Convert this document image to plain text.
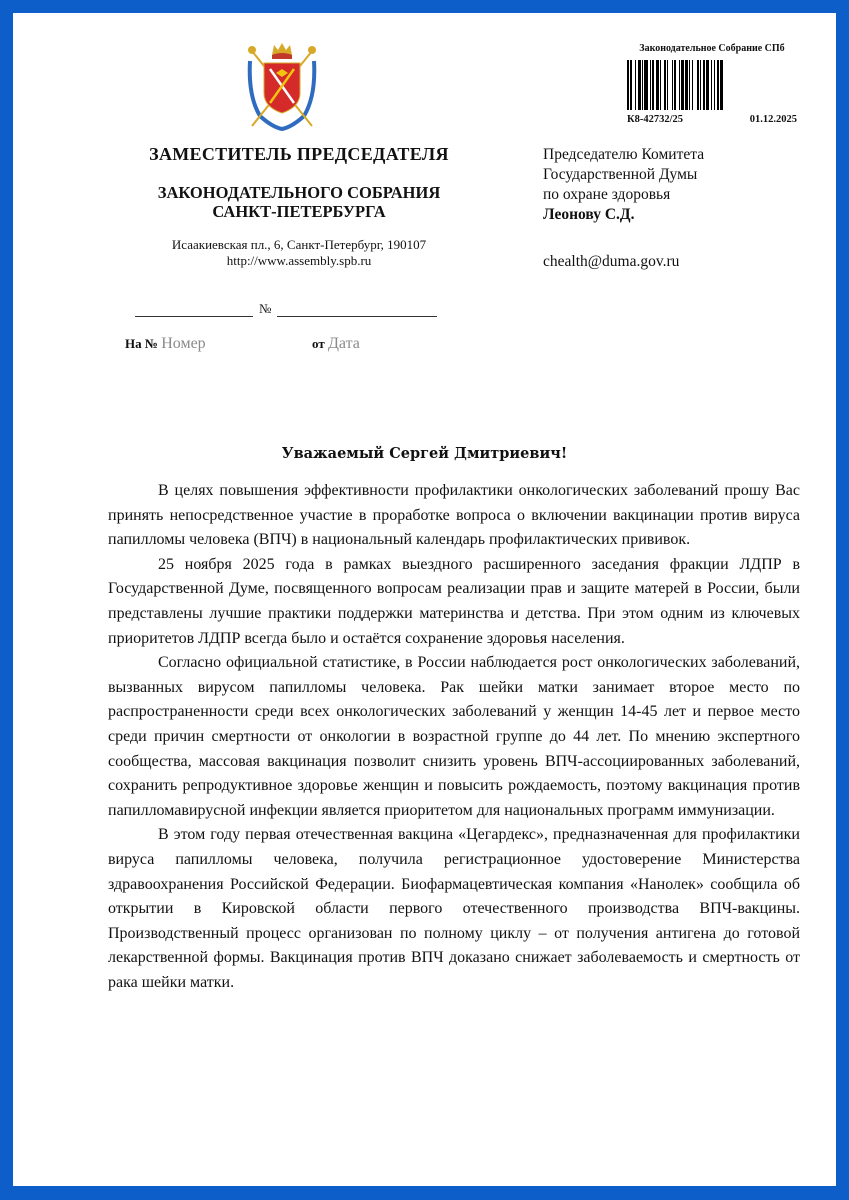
ЗАМЕСТИТЕЛЬ ПРЕДСЕДАТЕЛЯ
ЗАКОНОДАТЕЛЬНОГО СОБРАНИЯ
САНКТ-ПЕТЕРБУРГА
Исаакиевская пл., 6, Санкт-Петербург, 190107
http://www.assembly.spb.ru
№
На № Номер	от Дата
Законодательное Собрание СПб
К8-42732/25	01.12.2025
Председателю Комитета
Государственной Думы
по охране здоровья
Леонову С.Д.
chealth@duma.gov.ru
Уважаемый Сергей Дмитриевич!

В целях повышения эффективности профилактики онкологических заболеваний прошу Вас принять непосредственное участие в проработке вопроса о включении вакцинации против вируса папилломы человека (ВПЧ) в национальный календарь профилактических прививок.

25 ноября 2025 года в рамках выездного расширенного заседания фракции ЛДПР в Государственной Думе, посвященного вопросам реализации прав и защите матерей в России, были представлены лучшие практики поддержки материнства и детства. При этом одним из ключевых приоритетов ЛДПР всегда было и остаётся сохранение здоровья населения.

Согласно официальной статистике, в России наблюдается рост онкологических заболеваний, вызванных вирусом папилломы человека. Рак шейки матки занимает второе место по распространенности среди всех онкологических заболеваний у женщин 14-45 лет и первое место среди причин смертности от онкологии в возрастной группе до 44 лет. По мнению экспертного сообщества, массовая вакцинация позволит снизить уровень ВПЧ-ассоциированных заболеваний, сохранить репродуктивное здоровье женщин и повысить рождаемость, поэтому вакцинация против папилломавирусной инфекции является приоритетом для национальных программ иммунизации.

В этом году первая отечественная вакцина «Цегардекс», предназначенная для профилактики вируса папилломы человека, получила регистрационное удостоверение Министерства здравоохранения Российской Федерации. Биофармацевтическая компания «Нанолек» сообщила об открытии в Кировской области первого отечественного производства ВПЧ-вакцины. Производственный процесс организован по полному циклу – от получения антигена до готовой лекарственной формы. Вакцинация против ВПЧ доказано снижает заболеваемость и смертность от рака шейки матки.
